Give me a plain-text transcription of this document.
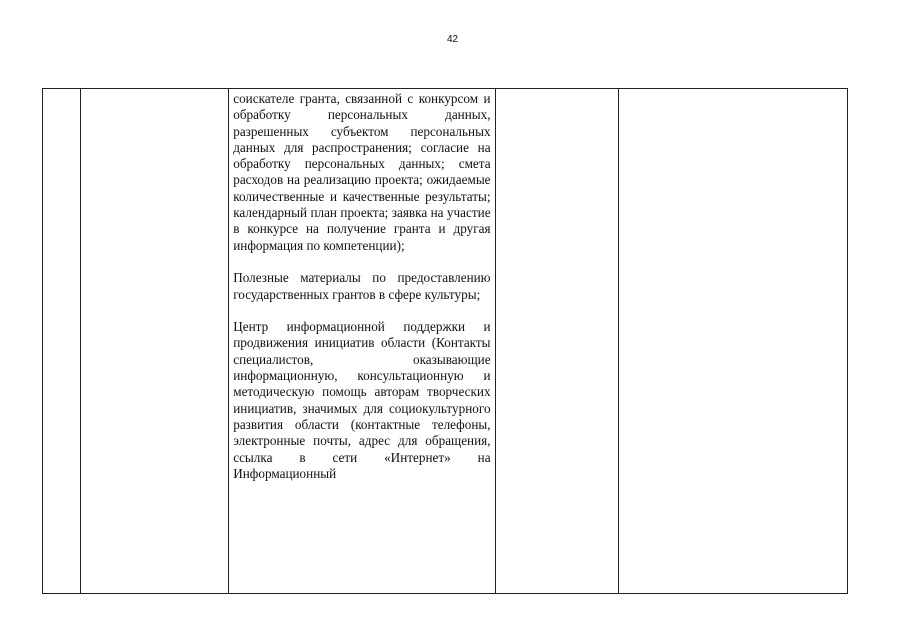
42

соискателе гранта, связанной с конкурсом и обработку персональных данных, разрешенных субъектом персональных данных для распространения; согласие на обработку персональных данных; смета расходов на реализацию проекта; ожидаемые количественные и качественные результаты; календарный план проекта; заявка на участие в конкурсе на получение гранта и другая информация по компетенции);

Полезные материалы по предоставлению государственных грантов в сфере культуры;

Центр информационной поддержки и продвижения инициатив области (Контакты специалистов, оказывающие информационную, консультационную и методическую помощь авторам творческих инициатив, значимых для социокультурного развития области (контактные телефоны, электронные почты, адрес для обращения, ссылка в сети «Интернет» на Информационный
